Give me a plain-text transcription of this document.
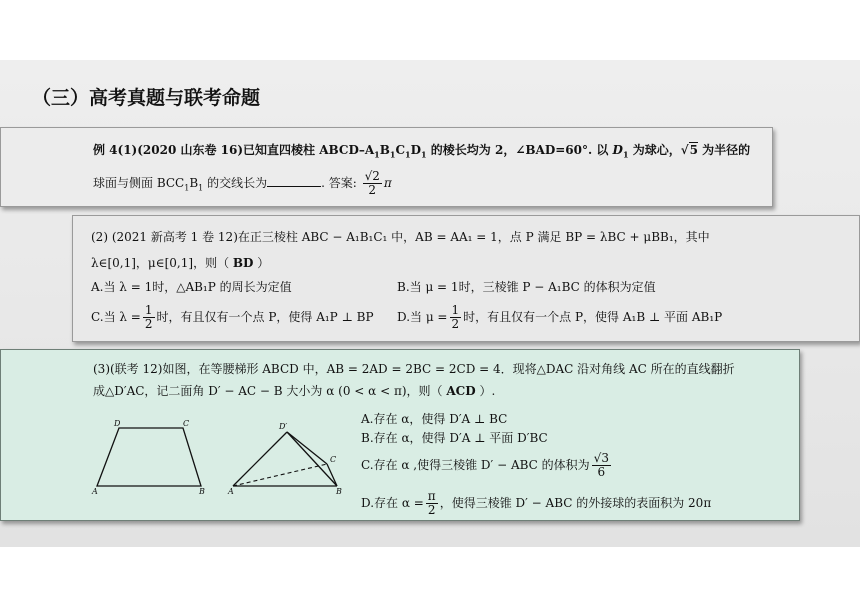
（三）高考真题与联考命题
例 4(1)(2020 山东卷 16)已知直四棱柱 ABCD–$A_1B_1C_1D_1$ 的棱长均为 2，∠BAD=60°. 以 $D_1$ 为球心，√5 为半径的
球面与侧面 $BCC_1B_1$ 的交线长为	. 答案: $\frac{√2}{2}$ π
(2) (2021 新高考 1 卷 12)在正三棱柱 ABC − A₁B₁C₁ 中，AB = AA₁ = 1，点 P 满足 BP = λBC + μBB₁，其中
λ∈[0,1]，μ∈[0,1]，则（ BD ）
A.当 λ = 1时，△AB₁P 的周长为定值	B.当 μ = 1时，三棱锥 P − A₁BC 的体积为定值
C.当 $\lambda = \frac{1}{2}$ 时，有且仅有一个点 P，使得 A₁P ⊥ BP D.当 $\mu = \frac{1}{2}$ 时，有且仅有一个点 P，使得 A₁B ⊥ 平面 AB₁P
(3)(联考 12)如图，在等腰梯形 ABCD 中，AB = 2AD = 2BC = 2CD = 4．现将△DAC 沿对角线 AC 所在的直线翻折
成△D′AC，记二面角 D′ − AC − B 大小为 α (0 < α < π)，则（ ACD ）.
D	C
A	B
D′
C
A	B
A.存在 α，使得 D′A ⊥ BC
B.存在 α，使得 D′A ⊥ 平面 D′BC
C.存在 α ,使得三棱锥 D′ − ABC 的体积为 $\frac{√3}{6}$
D.存在 $\alpha = \frac{\pi}{2}$ ，使得三棱锥 D′ − ABC 的外接球的表面积为 20π
